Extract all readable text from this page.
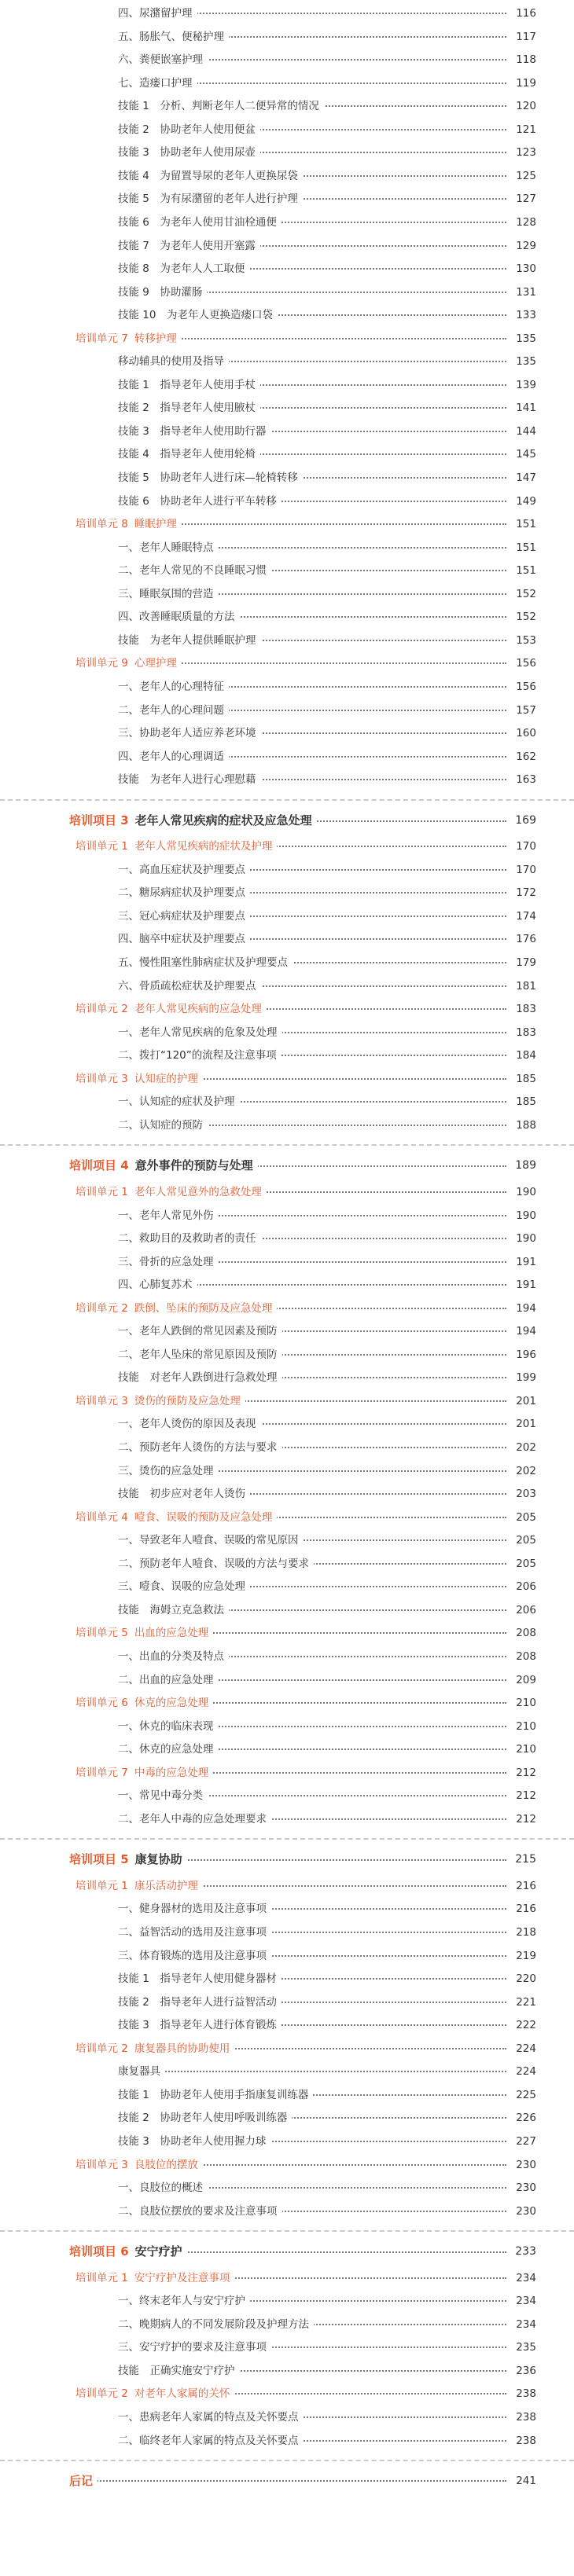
四、尿潴留护理	116
五、肠胀气、便秘护理	117
六、粪便嵌塞护理	118
七、造瘘口护理	119
技能 1　分析、判断老年人二便异常的情况	120
技能 2　协助老年人使用便盆	121
技能 3　协助老年人使用尿壶	123
技能 4　为留置导尿的老年人更换尿袋	125
技能 5　为有尿潴留的老年人进行护理	127
技能 6　为老年人使用甘油栓通便	128
技能 7　为老年人使用开塞露	129
技能 8　为老年人人工取便	130
技能 9　协助灌肠	131
技能 10　为老年人更换造瘘口袋	133
培训单元 7 转移护理	135
移动辅具的使用及指导	135
技能 1　指导老年人使用手杖	139
技能 2　指导老年人使用腋杖	141
技能 3　指导老年人使用助行器	144
技能 4　指导老年人使用轮椅	145
技能 5　协助老年人进行床—轮椅转移	147
技能 6　协助老年人进行平车转移	149
培训单元 8 睡眠护理	151
一、老年人睡眠特点	151
二、老年人常见的不良睡眠习惯	151
三、睡眠氛围的营造	152
四、改善睡眠质量的方法	152
技能　为老年人提供睡眠护理	153
培训单元 9 心理护理	156
一、老年人的心理特征	156
二、老年人的心理问题	157
三、协助老年人适应养老环境	160
四、老年人的心理调适	162
技能　为老年人进行心理慰藉	163
培训项目 3 老年人常见疾病的症状及应急处理	169
培训单元 1 老年人常见疾病的症状及护理	170
一、高血压症状及护理要点	170
二、糖尿病症状及护理要点	172
三、冠心病症状及护理要点	174
四、脑卒中症状及护理要点	176
五、慢性阻塞性肺病症状及护理要点	179
六、骨质疏松症状及护理要点	181
培训单元 2 老年人常见疾病的应急处理	183
一、老年人常见疾病的危象及处理	183
二、拨打“120”的流程及注意事项	184
培训单元 3 认知症的护理	185
一、认知症的症状及护理	185
二、认知症的预防	188
培训项目 4 意外事件的预防与处理	189
培训单元 1 老年人常见意外的急救处理	190
一、老年人常见外伤	190
二、救助目的及救助者的责任	190
三、骨折的应急处理	191
四、心肺复苏术	191
培训单元 2 跌倒、坠床的预防及应急处理	194
一、老年人跌倒的常见因素及预防	194
二、老年人坠床的常见原因及预防	196
技能　对老年人跌倒进行急救处理	199
培训单元 3 烫伤的预防及应急处理	201
一、老年人烫伤的原因及表现	201
二、预防老年人烫伤的方法与要求	202
三、烫伤的应急处理	202
技能　初步应对老年人烫伤	203
培训单元 4 噎食、误吸的预防及应急处理	205
一、导致老年人噎食、误吸的常见原因	205
二、预防老年人噎食、误吸的方法与要求	205
三、噎食、误吸的应急处理	206
技能　海姆立克急救法	206
培训单元 5 出血的应急处理	208
一、出血的分类及特点	208
二、出血的应急处理	209
培训单元 6 休克的应急处理	210
一、休克的临床表现	210
二、休克的应急处理	210
培训单元 7 中毒的应急处理	212
一、常见中毒分类	212
二、老年人中毒的应急处理要求	212
培训项目 5 康复协助	215
培训单元 1 康乐活动护理	216
一、健身器材的选用及注意事项	216
二、益智活动的选用及注意事项	218
三、体育锻炼的选用及注意事项	219
技能 1　指导老年人使用健身器材	220
技能 2　指导老年人进行益智活动	221
技能 3　指导老年人进行体育锻炼	222
培训单元 2 康复器具的协助使用	224
康复器具	224
技能 1　协助老年人使用手指康复训练器	225
技能 2　协助老年人使用呼吸训练器	226
技能 3　协助老年人使用握力球	227
培训单元 3 良肢位的摆放	230
一、良肢位的概述	230
二、良肢位摆放的要求及注意事项	230
培训项目 6 安宁疗护	233
培训单元 1 安宁疗护及注意事项	234
一、终末老年人与安宁疗护	234
二、晚期病人的不同发展阶段及护理方法	234
三、安宁疗护的要求及注意事项	235
技能　正确实施安宁疗护	236
培训单元 2 对老年人家属的关怀	238
一、患病老年人家属的特点及关怀要点	238
二、临终老年人家属的特点及关怀要点	238
后记	241
